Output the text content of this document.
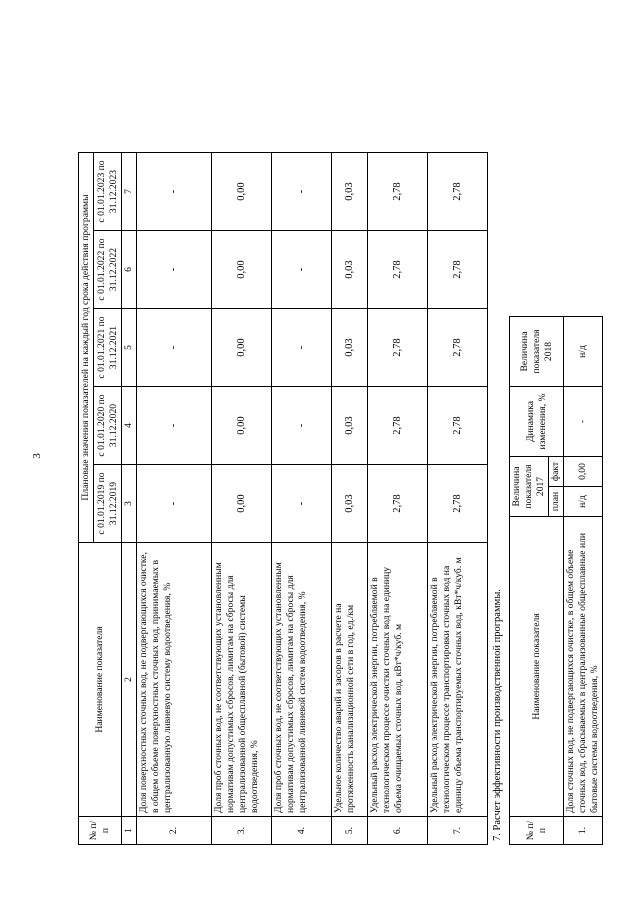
3
№ п/п	Наименование показателя	Плановые значения показателей на каждый год срока действия программы				
		с 01.01.2019 по 31.12.2019	с 01.01.2020 по 31.12.2020	с 01.01.2021 по 31.12.2021	с 01.01.2022 по 31.12.2022	с 01.01.2023 по 31.12.2023
1	2	3	4	5	6	7
2.	Доля поверхностных сточных вод, не подвергающихся очистке, в общем объеме поверхностных сточных вод, принимаемых в централизованную ливневую систему водоотведения, %	-	-	-	-	-
3.	Доля проб сточных вод, не соответствующих установленным нормативам допустимых сбросов, лимитам на сбросы для централизованной общесплавной (бытовой) системы водоотведения, %	0,00	0,00	0,00	0,00	0,00
4.	Доля проб сточных вод, не соответствующих установленным нормативам допустимых сбросов, лимитам на сбросы для централизованной ливневой систем водоотведения, %	-	-	-	-	-
5.	Удельное количество аварий и засоров в расчете на протяженность канализационной сети в год, ед./км	0,03	0,03	0,03	0,03	0,03
6.	Удельный расход электрической энергии, потребляемой в технологическом процессе очистки сточных вод на единицу объема очищаемых сточных вод, кВт*ч/куб. м	2,78	2,78	2,78	2,78	2,78
7.	Удельный расход электрической энергии, потребляемой в технологическом процессе транспортировки сточных вод на единицу объема транспортируемых сточных вод, кВт*ч/куб. м	2,78	2,78	2,78	2,78	2,78
7. Расчет эффективности производственной программы.	№ п/п	Наименование показателя	Величина показателя 2017		Динамика изменения, %	Величина показателя 2018
		план	факт		
1.	Доля сточных вод, не подвергающихся очистке, в общем объеме сточных вод, сбрасываемых в централизованные общесплавные или бытовые системы водоотведения, %	н/д	0,00	-	н/д
